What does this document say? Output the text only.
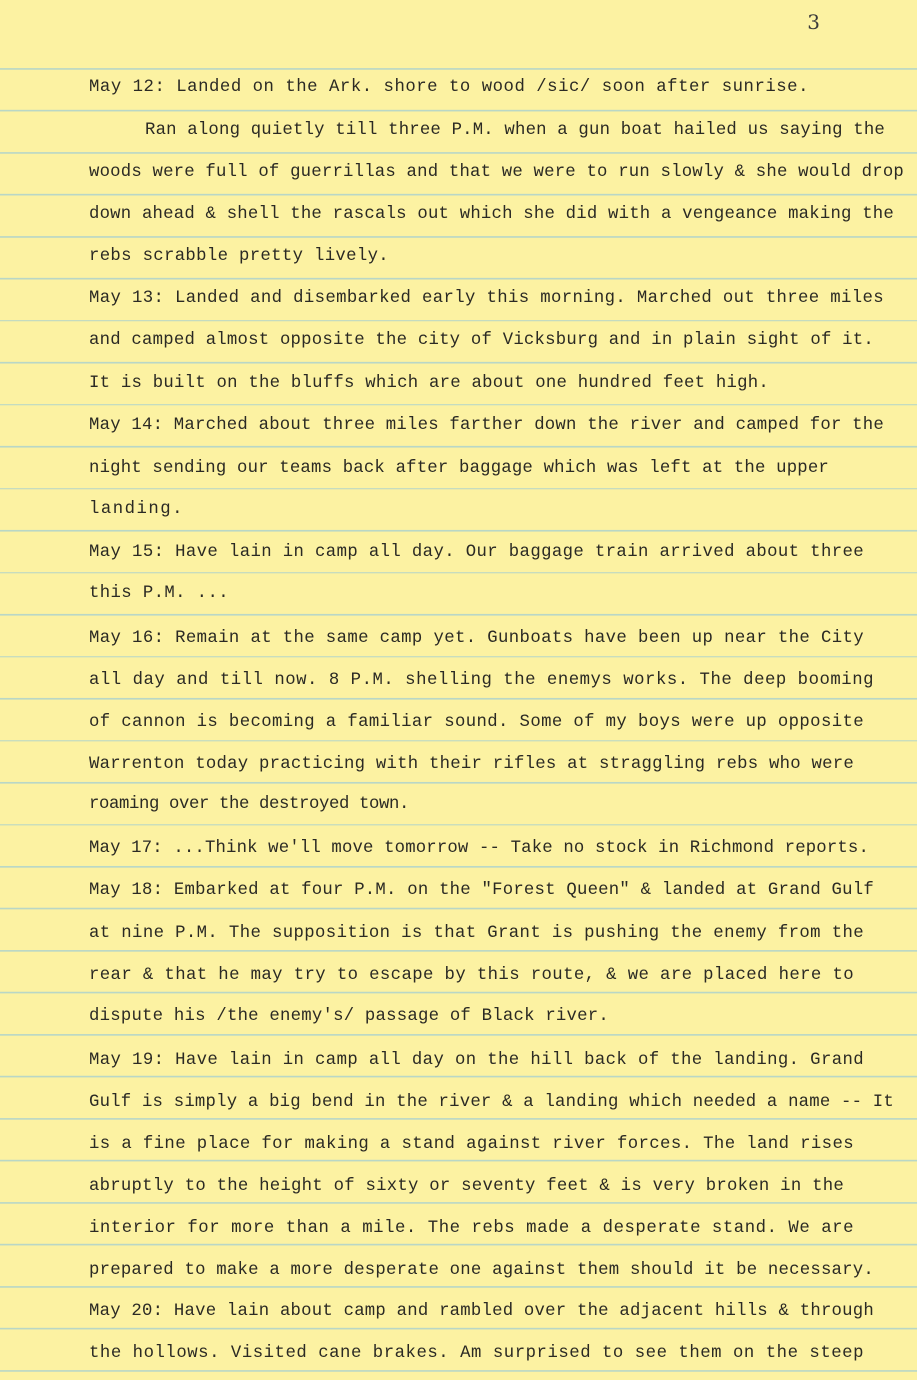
3
May 12: Landed on the Ark. shore to wood /sic/ soon after sunrise.
Ran along quietly till three P.M. when a gun boat hailed us saying the
woods were full of guerrillas and that we were to run slowly & she would drop
down ahead & shell the rascals out which she did with a vengeance making the
rebs scrabble pretty lively.
May 13: Landed and disembarked early this morning. Marched out three miles
and camped almost opposite the city of Vicksburg and in plain sight of it.
It is built on the bluffs which are about one hundred feet high.
May 14: Marched about three miles farther down the river and camped for the
night sending our teams back after baggage which was left at the upper
landing.
May 15: Have lain in camp all day. Our baggage train arrived about three
this P.M. ...
May 16: Remain at the same camp yet. Gunboats have been up near the City
all day and till now. 8 P.M. shelling the enemys works. The deep booming
of cannon is becoming a familiar sound. Some of my boys were up opposite
Warrenton today practicing with their rifles at straggling rebs who were
roaming over the destroyed town.
May 17: ...Think we'll move tomorrow -- Take no stock in Richmond reports.
May 18: Embarked at four P.M. on the "Forest Queen" & landed at Grand Gulf
at nine P.M. The supposition is that Grant is pushing the enemy from the
rear & that he may try to escape by this route, & we are placed here to
dispute his /the enemy's/ passage of Black river.
May 19: Have lain in camp all day on the hill back of the landing. Grand
Gulf is simply a big bend in the river & a landing which needed a name -- It
is a fine place for making a stand against river forces. The land rises
abruptly to the height of sixty or seventy feet & is very broken in the
interior for more than a mile. The rebs made a desperate stand. We are
prepared to make a more desperate one against them should it be necessary.
May 20: Have lain about camp and rambled over the adjacent hills & through
the hollows. Visited cane brakes. Am surprised to see them on the steep
